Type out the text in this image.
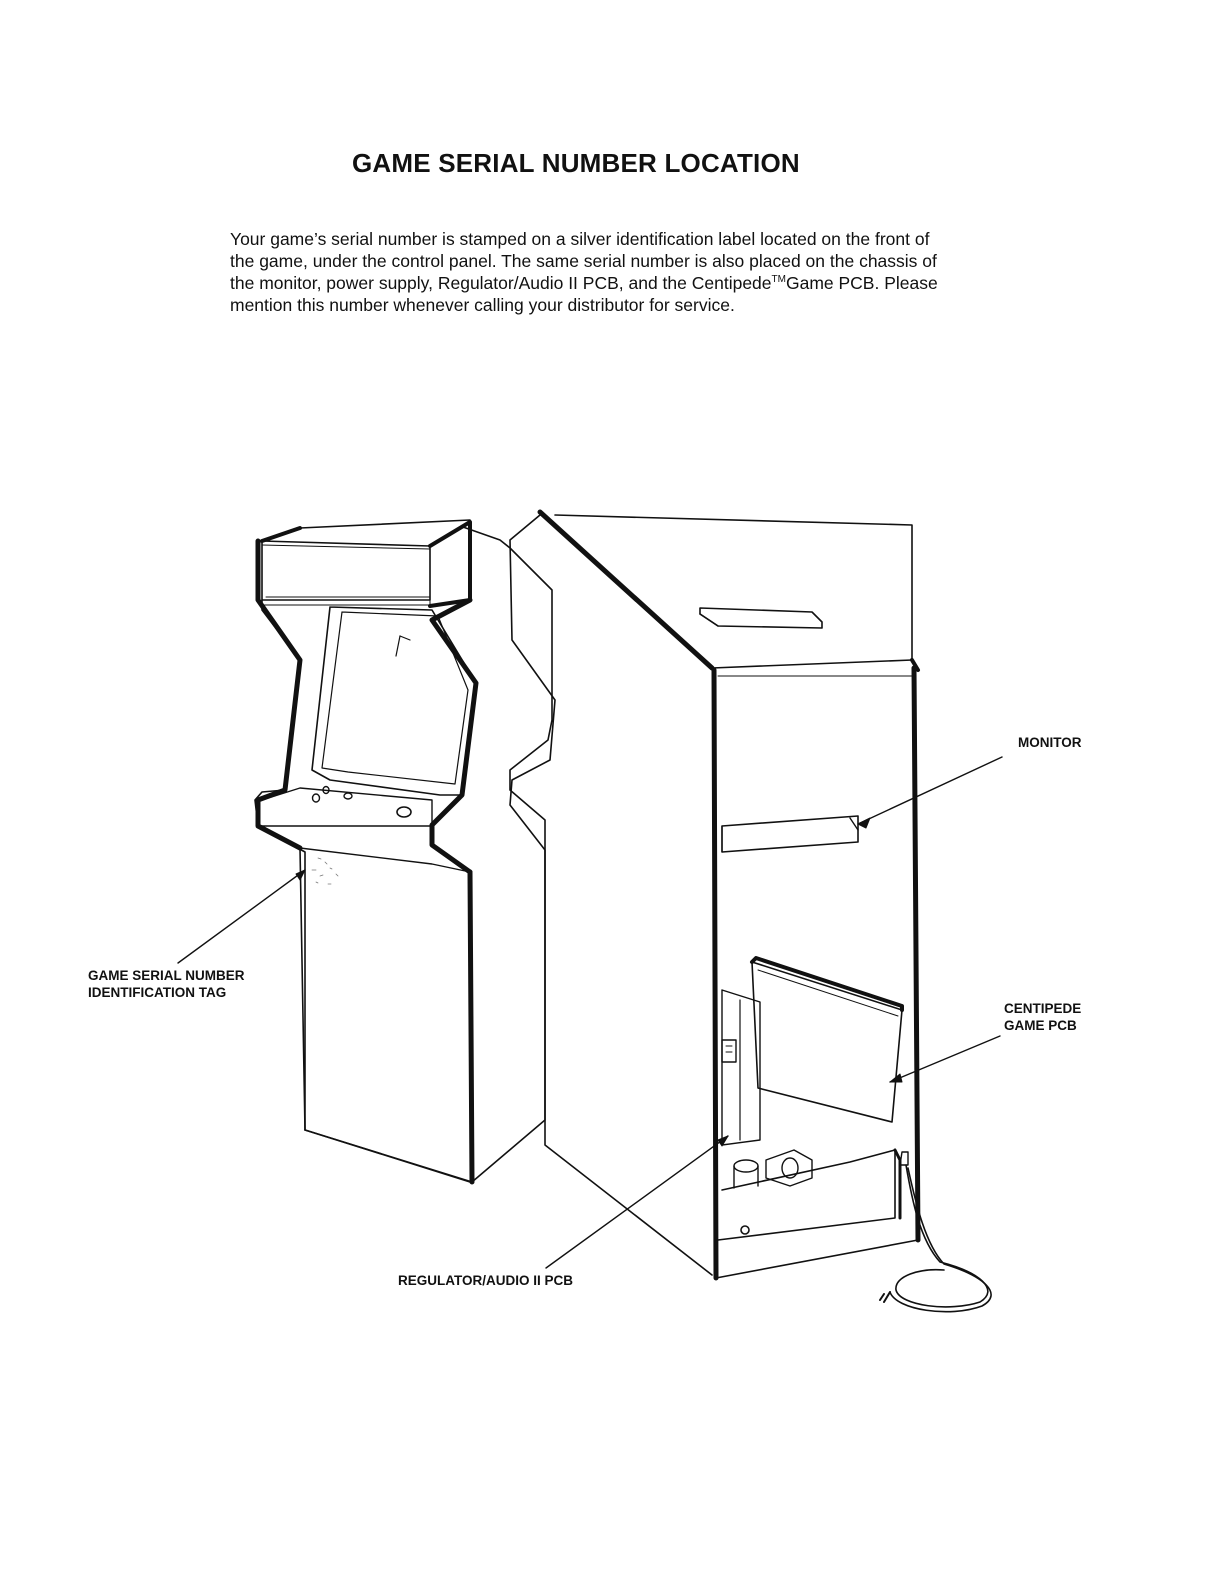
GAME SERIAL NUMBER LOCATION

Your game’s serial number is stamped on a silver identification label located on the front of the game, under the control panel. The same serial number is also placed on the chassis of the monitor, power supply, Regulator/Audio II PCB, and the Centipede™Game PCB. Please mention this number whenever calling your distributor for service.

MONITOR
GAME SERIAL NUMBER
IDENTIFICATION TAG
CENTIPEDE
GAME PCB
REGULATOR/AUDIO II PCB
